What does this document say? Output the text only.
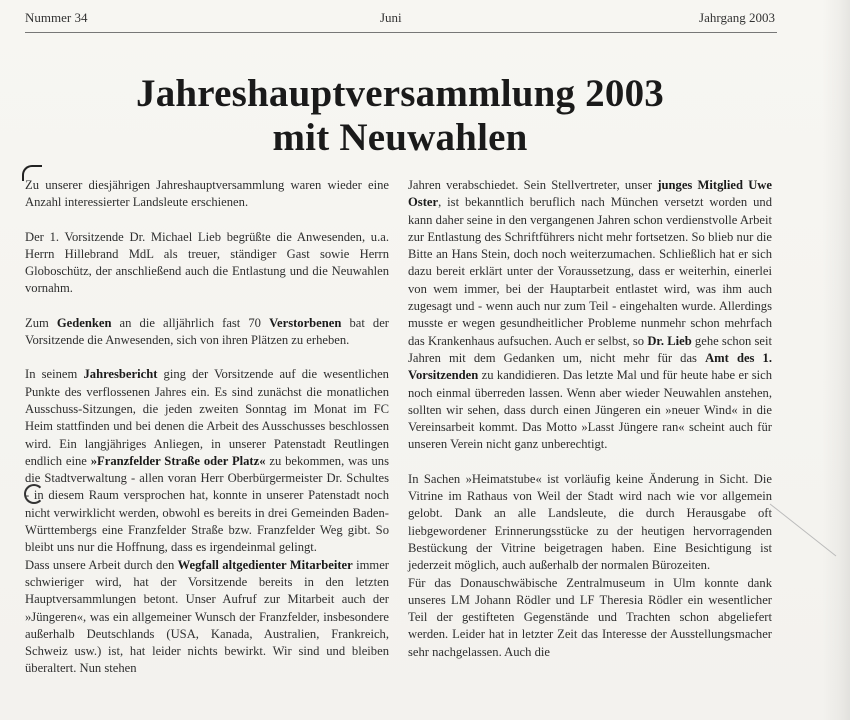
Nummer 34	Juni	Jahrgang 2003
Jahreshauptversammlung 2003
mit Neuwahlen

Zu unserer diesjährigen Jahreshauptversammlung waren wieder eine Anzahl interessierter Landsleute erschienen.

Der 1. Vorsitzende Dr. Michael Lieb begrüßte die Anwesenden, u.a. Herrn Hillebrand MdL als treuer, ständiger Gast sowie Herrn Globoschütz, der anschließend auch die Entlastung und die Neuwahlen vornahm.

Zum Gedenken an die alljährlich fast 70 Verstorbenen bat der Vorsitzende die Anwesenden, sich von ihren Plätzen zu erheben.

In seinem Jahresbericht ging der Vorsitzende auf die wesentlichen Punkte des verflossenen Jahres ein. Es sind zunächst die monatlichen Ausschuss-Sitzungen, die jeden zweiten Sonntag im Monat im FC Heim stattfinden und bei denen die Arbeit des Ausschusses beschlossen wird. Ein langjähriges Anliegen, in unserer Patenstadt Reutlingen endlich eine »Franzfelder Straße oder Platz« zu bekommen, was uns die Stadtverwaltung - allen voran Herr Oberbürgermeister Dr. Schultes - in diesem Raum versprochen hat, konnte in unserer Patenstadt noch nicht verwirklicht werden, obwohl es bereits in drei Gemeinden Baden-Württembergs eine Franzfelder Straße bzw. Franzfelder Weg gibt. So bleibt uns nur die Hoffnung, dass es irgendeinmal gelingt.

Dass unsere Arbeit durch den Wegfall altgedienter Mitarbeiter immer schwieriger wird, hat der Vorsitzende bereits in den letzten Hauptversammlungen betont. Unser Aufruf zur Mitarbeit auch der »Jüngeren«, was ein allgemeiner Wunsch der Franzfelder, insbesondere außerhalb Deutschlands (USA, Kanada, Australien, Frankreich, Schweiz usw.) ist, hat leider nichts bewirkt. Wir sind und bleiben überaltert. Nun stehen

Jahren verabschiedet. Sein Stellvertreter, unser junges Mitglied Uwe Oster, ist bekanntlich beruflich nach München versetzt worden und kann daher seine in den vergangenen Jahren schon verdienstvolle Arbeit zur Entlastung des Schriftführers nicht mehr fortsetzen. So blieb nur die Bitte an Hans Stein, doch noch weiterzumachen. Schließlich hat er sich dazu bereit erklärt unter der Voraussetzung, dass er weiterhin, einerlei von wem immer, bei der Hauptarbeit entlastet wird, was ihm auch zugesagt und - wenn auch nur zum Teil - eingehalten wurde. Allerdings musste er wegen gesundheitlicher Probleme nunmehr schon mehrfach das Krankenhaus aufsuchen. Auch er selbst, so Dr. Lieb gehe schon seit Jahren mit dem Gedanken um, nicht mehr für das Amt des 1. Vorsitzenden zu kandidieren. Das letzte Mal und für heute habe er sich noch einmal überreden lassen. Wenn aber wieder Neuwahlen anstehen, sollten wir sehen, dass durch einen Jüngeren ein »neuer Wind« in die Vereinsarbeit kommt. Das Motto »Lasst Jüngere ran« scheint auch für unseren Verein nicht ganz unberechtigt.

In Sachen »Heimatstube« ist vorläufig keine Änderung in Sicht. Die Vitrine im Rathaus von Weil der Stadt wird nach wie vor allgemein gelobt. Dank an alle Landsleute, die durch Herausgabe oft liebgewordener Erinnerungsstücke zu der heutigen hervorragenden Bestückung der Vitrine beigetragen haben. Eine Besichtigung ist jederzeit möglich, auch außerhalb der normalen Bürozeiten.

Für das Donauschwäbische Zentralmuseum in Ulm konnte dank unseres LM Johann Rödler und LF Theresia Rödler ein wesentlicher Teil der gestifteten Gegenstände und Trachten schon abgeliefert werden. Leider hat in letzter Zeit das Interesse der Ausstellungsmacher sehr nachgelassen. Auch die
